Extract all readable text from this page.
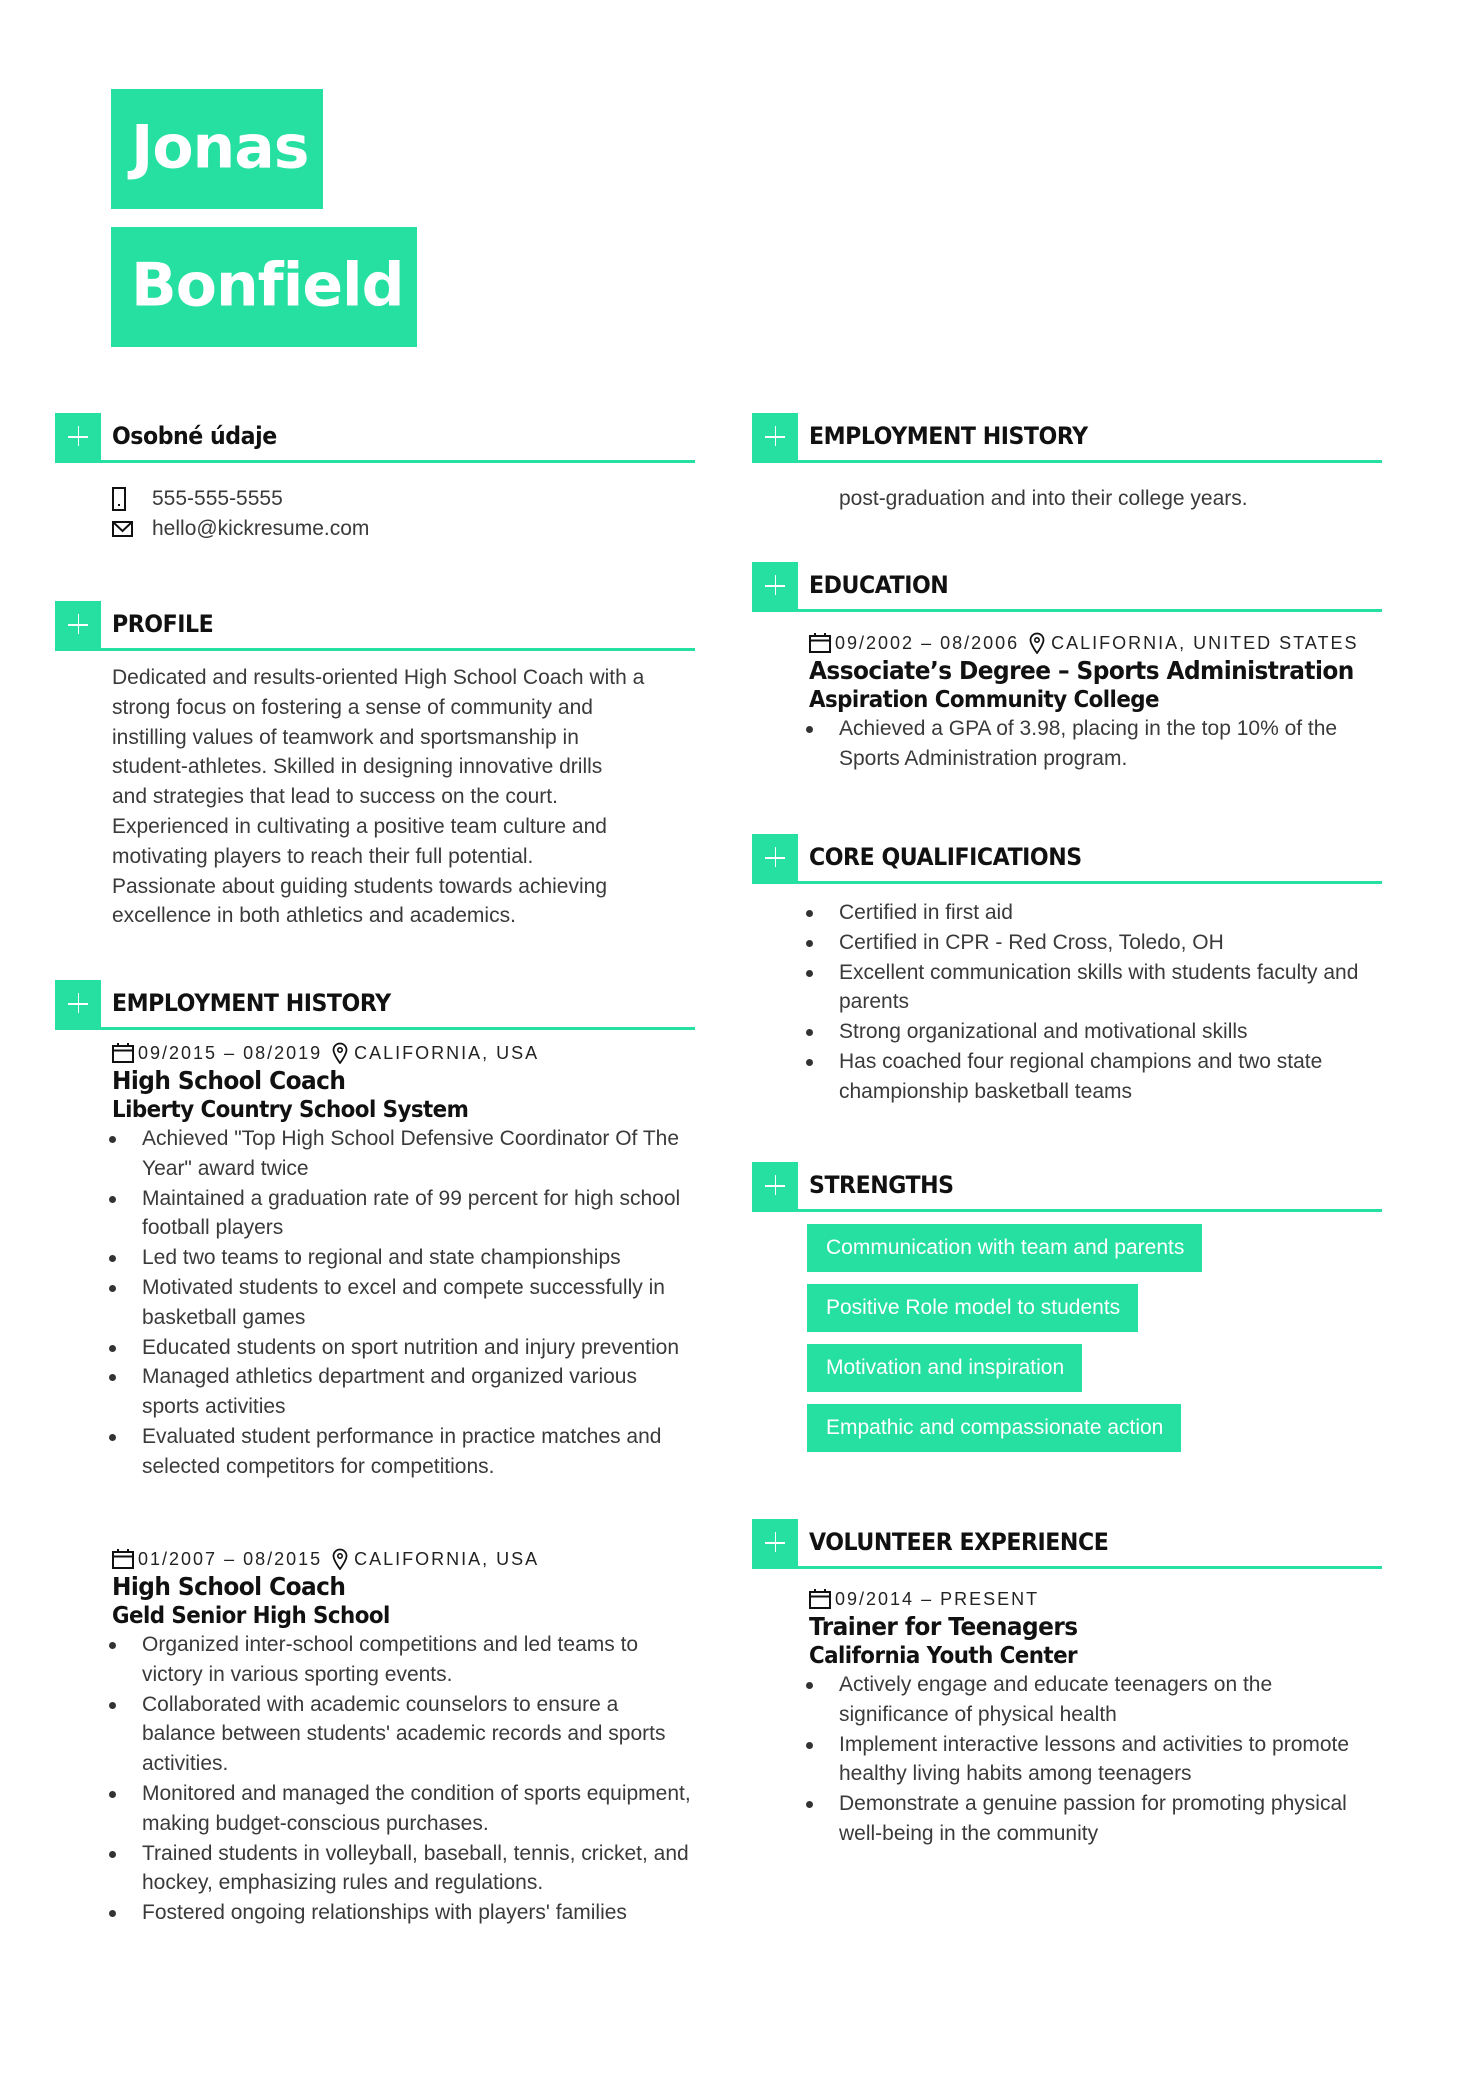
Jonas
Bonfield
Osobné údaje
555-555-5555
hello@kickresume.com
PROFILE
Dedicated and results-oriented High School Coach with a
strong focus on fostering a sense of community and
instilling values of teamwork and sportsmanship in
student-athletes. Skilled in designing innovative drills
and strategies that lead to success on the court.
Experienced in cultivating a positive team culture and
motivating players to reach their full potential.
Passionate about guiding students towards achieving
excellence in both athletics and academics.
EMPLOYMENT HISTORY
09/2015 – 08/2019 CALIFORNIA, USA
High School Coach
Liberty Country School System
Achieved "Top High School Defensive Coordinator Of The Year" award twice
Maintained a graduation rate of 99 percent for high school football players
Led two teams to regional and state championships
Motivated students to excel and compete successfully in basketball games
Educated students on sport nutrition and injury prevention
Managed athletics department and organized various sports activities
Evaluated student performance in practice matches and selected competitors for competitions.
01/2007 – 08/2015 CALIFORNIA, USA
High School Coach
Geld Senior High School
Organized inter-school competitions and led teams to victory in various sporting events.
Collaborated with academic counselors to ensure a balance between students' academic records and sports activities.
Monitored and managed the condition of sports equipment, making budget-conscious purchases.
Trained students in volleyball, baseball, tennis, cricket, and hockey, emphasizing rules and regulations.
Fostered ongoing relationships with players' families
EMPLOYMENT HISTORY
post-graduation and into their college years.
EDUCATION
09/2002 – 08/2006 CALIFORNIA, UNITED STATES
Associate’s Degree – Sports Administration
Aspiration Community College
Achieved a GPA of 3.98, placing in the top 10% of the Sports Administration program.
CORE QUALIFICATIONS
Certified in first aid
Certified in CPR - Red Cross, Toledo, OH
Excellent communication skills with students faculty and parents
Strong organizational and motivational skills
Has coached four regional champions and two state championship basketball teams
STRENGTHS
Communication with team and parents
Positive Role model to students
Motivation and inspiration
Empathic and compassionate action
VOLUNTEER EXPERIENCE
09/2014 – PRESENT
Trainer for Teenagers
California Youth Center
Actively engage and educate teenagers on the significance of physical health
Implement interactive lessons and activities to promote healthy living habits among teenagers
Demonstrate a genuine passion for promoting physical well-being in the community
